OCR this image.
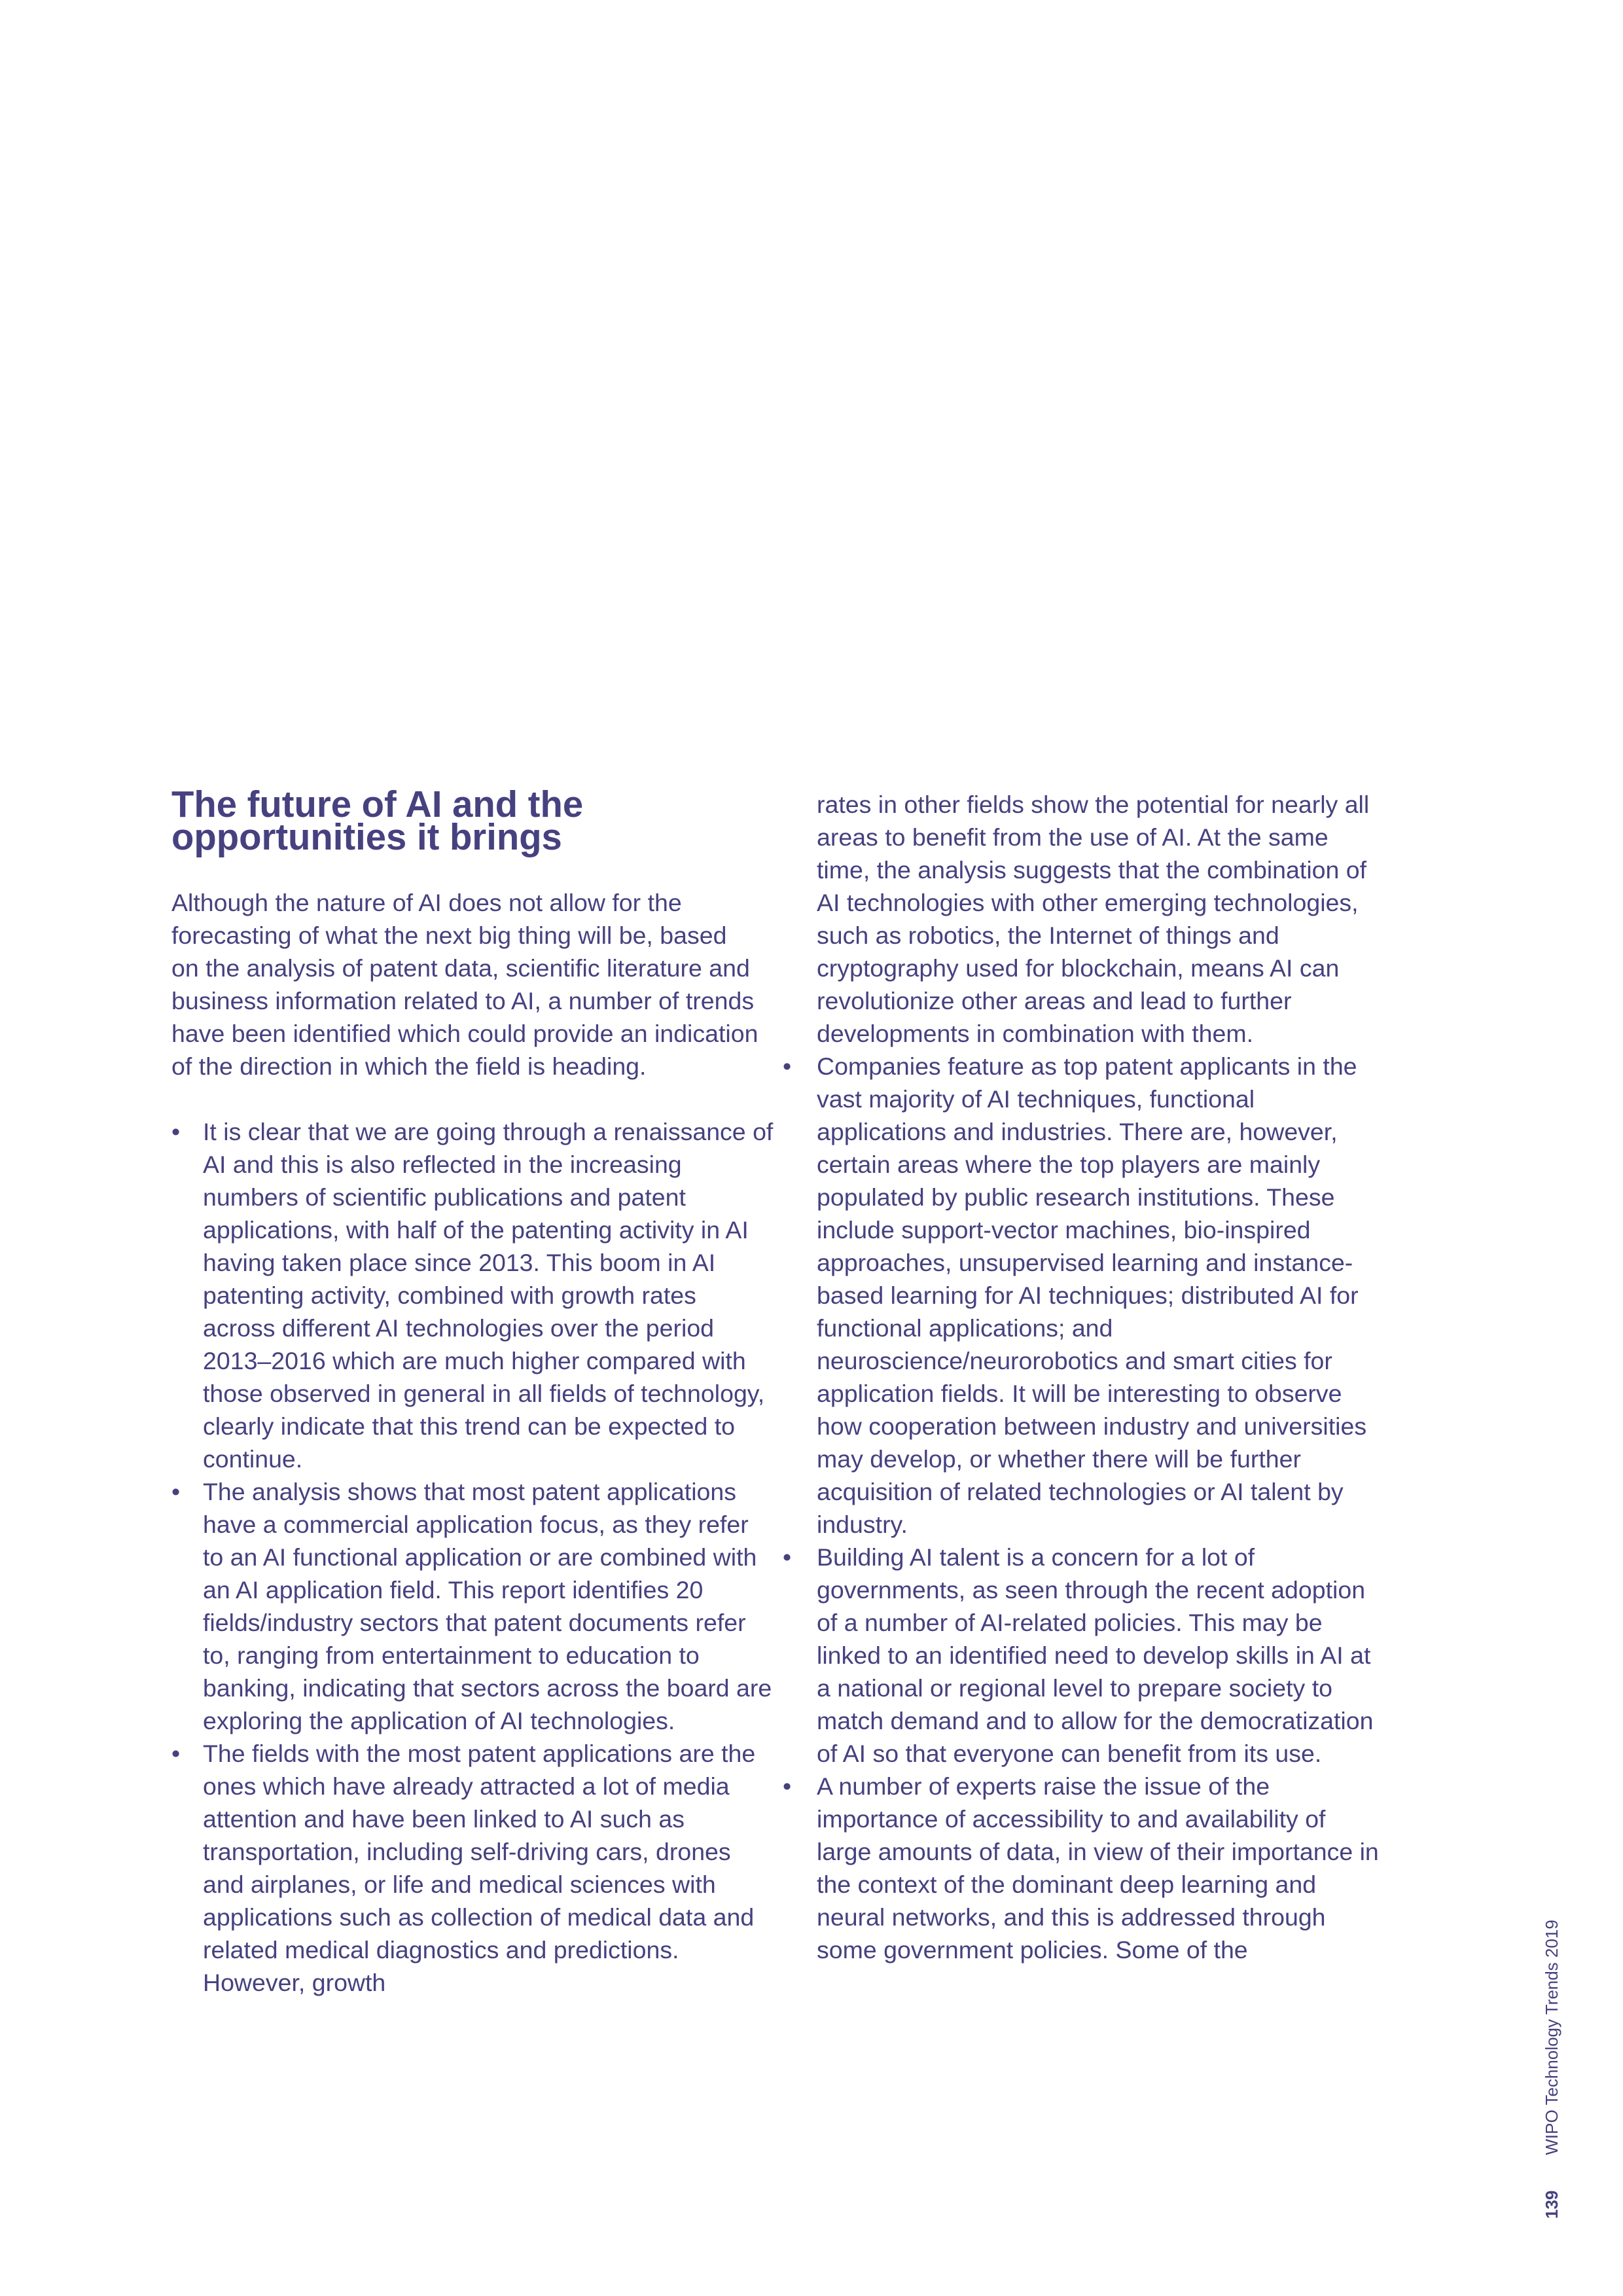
The future of AI and the opportunities it brings

Although the nature of AI does not allow for the forecasting of what the next big thing will be, based on the analysis of patent data, scientific literature and business information related to AI, a number of trends have been identified which could provide an indication of the direction in which the field is heading.

• It is clear that we are going through a renaissance of AI and this is also reflected in the increasing numbers of scientific publications and patent applications, with half of the patenting activity in AI having taken place since 2013. This boom in AI patenting activity, combined with growth rates across different AI technologies over the period 2013–2016 which are much higher compared with those observed in general in all fields of technology, clearly indicate that this trend can be expected to continue.
• The analysis shows that most patent applications have a commercial application focus, as they refer to an AI functional application or are combined with an AI application field. This report identifies 20 fields/industry sectors that patent documents refer to, ranging from entertainment to education to banking, indicating that sectors across the board are exploring the application of AI technologies.
• The fields with the most patent applications are the ones which have already attracted a lot of media attention and have been linked to AI such as transportation, including self-driving cars, drones and airplanes, or life and medical sciences with applications such as collection of medical data and related medical diagnostics and predictions. However, growth

rates in other fields show the potential for nearly all areas to benefit from the use of AI. At the same time, the analysis suggests that the combination of AI technologies with other emerging technologies, such as robotics, the Internet of things and cryptography used for blockchain, means AI can revolutionize other areas and lead to further developments in combination with them.

• Companies feature as top patent applicants in the vast majority of AI techniques, functional applications and industries. There are, however, certain areas where the top players are mainly populated by public research institutions. These include support-vector machines, bio-inspired approaches, unsupervised learning and instance-based learning for AI techniques; distributed AI for functional applications; and neuroscience/neurorobotics and smart cities for application fields. It will be interesting to observe how cooperation between industry and universities may develop, or whether there will be further acquisition of related technologies or AI talent by industry.
• Building AI talent is a concern for a lot of governments, as seen through the recent adoption of a number of AI-related policies. This may be linked to an identified need to develop skills in AI at a national or regional level to prepare society to match demand and to allow for the democratization of AI so that everyone can benefit from its use.
• A number of experts raise the issue of the importance of accessibility to and availability of large amounts of data, in view of their importance in the context of the dominant deep learning and neural networks, and this is addressed through some government policies. Some of the
139WIPO Technology Trends 2019
